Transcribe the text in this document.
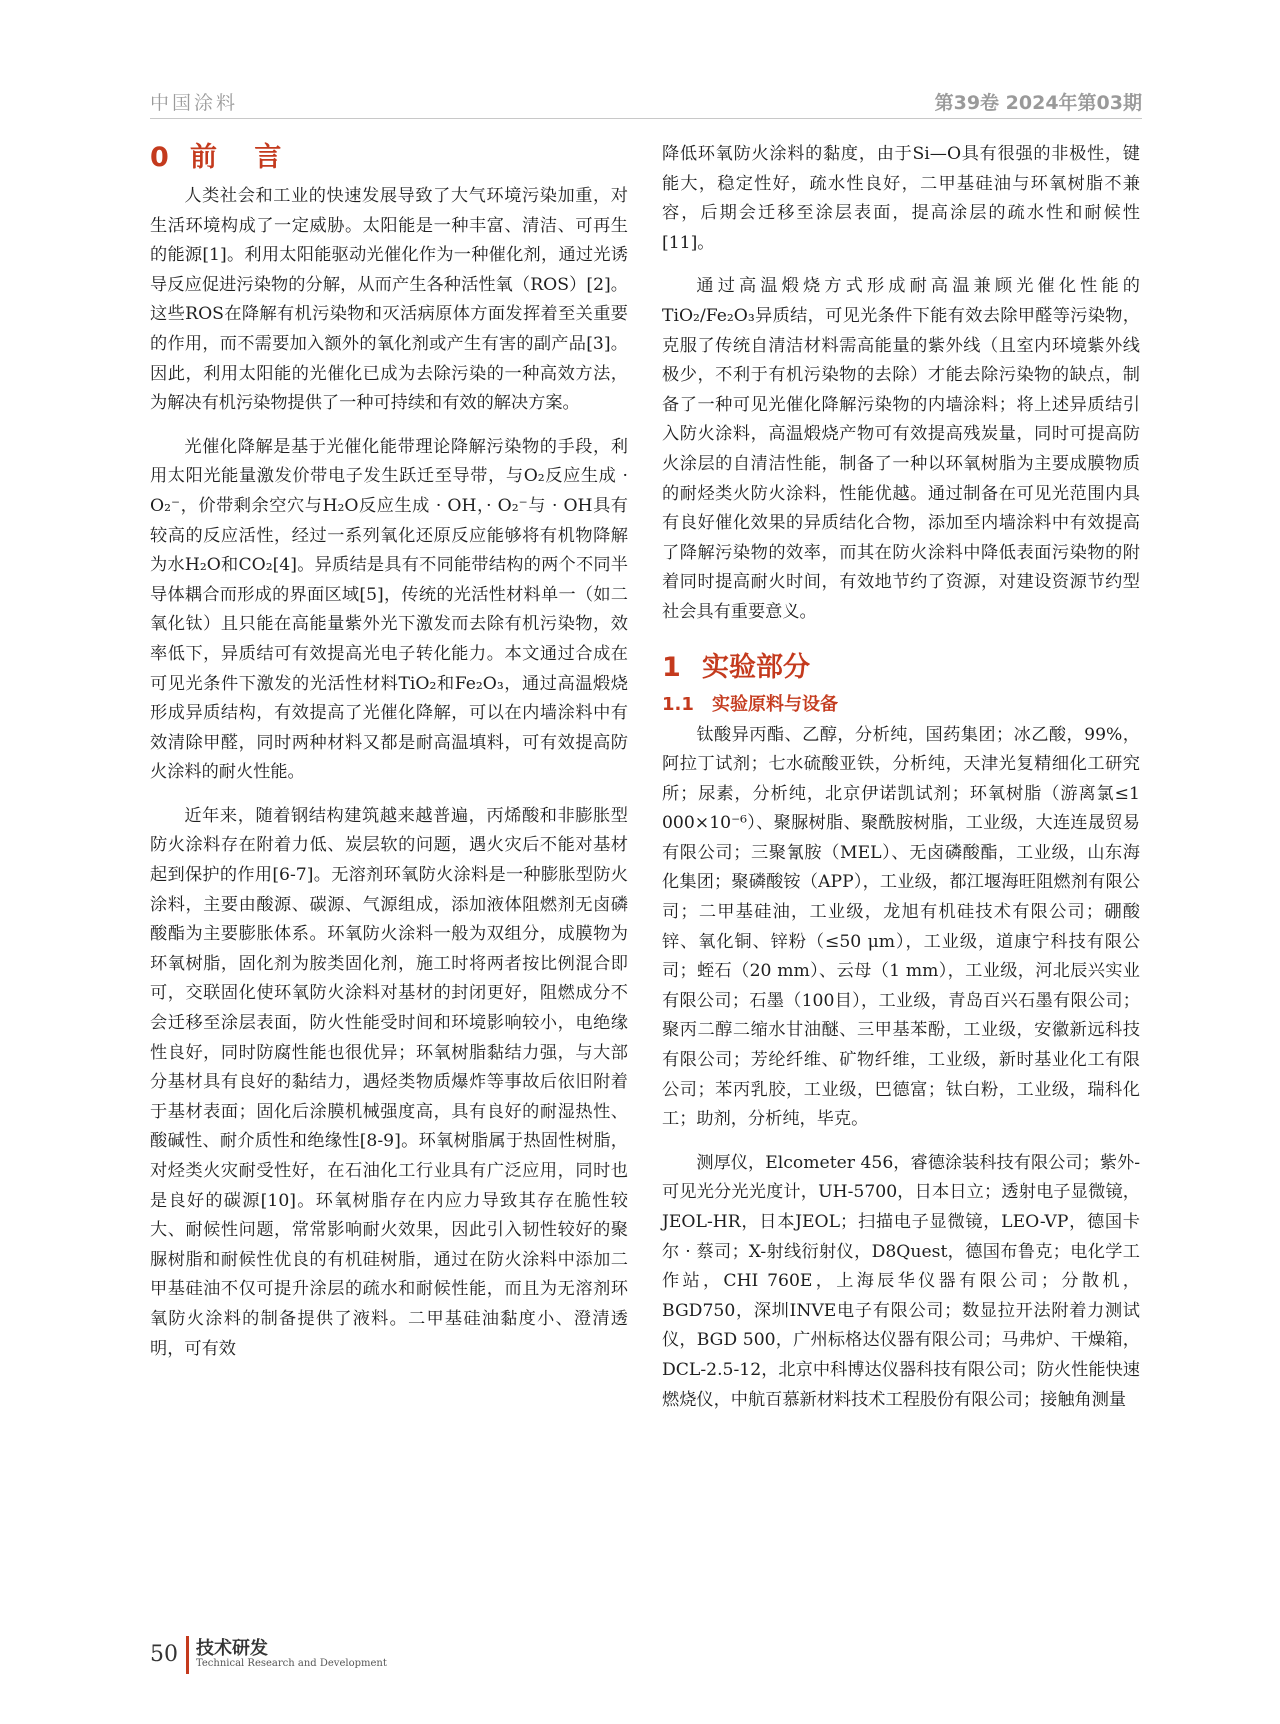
中国涂料	第39卷 2024年第03期
0 前 言

人类社会和工业的快速发展导致了大气环境污染加重，对生活环境构成了一定威胁。太阳能是一种丰富、清洁、可再生的能源[1]。利用太阳能驱动光催化作为一种催化剂，通过光诱导反应促进污染物的分解，从而产生各种活性氧（ROS）[2]。这些ROS在降解有机污染物和灭活病原体方面发挥着至关重要的作用，而不需要加入额外的氧化剂或产生有害的副产品[3]。因此，利用太阳能的光催化已成为去除污染的一种高效方法，为解决有机污染物提供了一种可持续和有效的解决方案。

光催化降解是基于光催化能带理论降解污染物的手段，利用太阳光能量激发价带电子发生跃迁至导带，与O₂反应生成 · O₂⁻，价带剩余空穴与H₂O反应生成 · OH，· O₂⁻与 · OH具有较高的反应活性，经过一系列氧化还原反应能够将有机物降解为水H₂O和CO₂[4]。异质结是具有不同能带结构的两个不同半导体耦合而形成的界面区域[5]，传统的光活性材料单一（如二氧化钛）且只能在高能量紫外光下激发而去除有机污染物，效率低下，异质结可有效提高光电子转化能力。本文通过合成在可见光条件下激发的光活性材料TiO₂和Fe₂O₃，通过高温煅烧形成异质结构，有效提高了光催化降解，可以在内墙涂料中有效清除甲醛，同时两种材料又都是耐高温填料，可有效提高防火涂料的耐火性能。

近年来，随着钢结构建筑越来越普遍，丙烯酸和非膨胀型防火涂料存在附着力低、炭层软的问题，遇火灾后不能对基材起到保护的作用[6-7]。无溶剂环氧防火涂料是一种膨胀型防火涂料，主要由酸源、碳源、气源组成，添加液体阻燃剂无卤磷酸酯为主要膨胀体系。环氧防火涂料一般为双组分，成膜物为环氧树脂，固化剂为胺类固化剂，施工时将两者按比例混合即可，交联固化使环氧防火涂料对基材的封闭更好，阻燃成分不会迁移至涂层表面，防火性能受时间和环境影响较小，电绝缘性良好，同时防腐性能也很优异；环氧树脂黏结力强，与大部分基材具有良好的黏结力，遇烃类物质爆炸等事故后依旧附着于基材表面；固化后涂膜机械强度高，具有良好的耐湿热性、酸碱性、耐介质性和绝缘性[8-9]。环氧树脂属于热固性树脂，对烃类火灾耐受性好，在石油化工行业具有广泛应用，同时也是良好的碳源[10]。环氧树脂存在内应力导致其存在脆性较大、耐候性问题，常常影响耐火效果，因此引入韧性较好的聚脲树脂和耐候性优良的有机硅树脂，通过在防火涂料中添加二甲基硅油不仅可提升涂层的疏水和耐候性能，而且为无溶剂环氧防火涂料的制备提供了液料。二甲基硅油黏度小、澄清透明，可有效

降低环氧防火涂料的黏度，由于Si—O具有很强的非极性，键能大，稳定性好，疏水性良好，二甲基硅油与环氧树脂不兼容，后期会迁移至涂层表面，提高涂层的疏水性和耐候性[11]。

通过高温煅烧方式形成耐高温兼顾光催化性能的TiO₂/Fe₂O₃异质结，可见光条件下能有效去除甲醛等污染物，克服了传统自清洁材料需高能量的紫外线（且室内环境紫外线极少，不利于有机污染物的去除）才能去除污染物的缺点，制备了一种可见光催化降解污染物的内墙涂料；将上述异质结引入防火涂料，高温煅烧产物可有效提高残炭量，同时可提高防火涂层的自清洁性能，制备了一种以环氧树脂为主要成膜物质的耐烃类火防火涂料，性能优越。通过制备在可见光范围内具有良好催化效果的异质结化合物，添加至内墙涂料中有效提高了降解污染物的效率，而其在防火涂料中降低表面污染物的附着同时提高耐火时间，有效地节约了资源，对建设资源节约型社会具有重要意义。

1 实验部分
1.1 实验原料与设备

钛酸异丙酯、乙醇，分析纯，国药集团；冰乙酸，99%，阿拉丁试剂；七水硫酸亚铁，分析纯，天津光复精细化工研究所；尿素，分析纯，北京伊诺凯试剂；环氧树脂（游离氯≤1 000×10⁻⁶）、聚脲树脂、聚酰胺树脂，工业级，大连连晟贸易有限公司；三聚氰胺（MEL）、无卤磷酸酯，工业级，山东海化集团；聚磷酸铵（APP），工业级，都江堰海旺阻燃剂有限公司；二甲基硅油，工业级，龙旭有机硅技术有限公司；硼酸锌、氧化铜、锌粉（≤50 μm），工业级，道康宁科技有限公司；蛭石（20 mm）、云母（1 mm），工业级，河北辰兴实业有限公司；石墨（100目），工业级，青岛百兴石墨有限公司；聚丙二醇二缩水甘油醚、三甲基苯酚，工业级，安徽新远科技有限公司；芳纶纤维、矿物纤维，工业级，新时基业化工有限公司；苯丙乳胶，工业级，巴德富；钛白粉，工业级，瑞科化工；助剂，分析纯，毕克。

测厚仪，Elcometer 456，睿德涂装科技有限公司；紫外-可见光分光光度计，UH-5700，日本日立；透射电子显微镜，JEOL-HR，日本JEOL；扫描电子显微镜，LEO-VP，德国卡尔 · 蔡司；X-射线衍射仪，D8Quest，德国布鲁克；电化学工作站，CHI 760E，上海辰华仪器有限公司；分散机，BGD750，深圳INVE电子有限公司；数显拉开法附着力测试仪，BGD 500，广州标格达仪器有限公司；马弗炉、干燥箱，DCL-2.5-12，北京中科博达仪器科技有限公司；防火性能快速燃烧仪，中航百慕新材料技术工程股份有限公司；接触角测量

50 技术研发
Technical Research and Development
